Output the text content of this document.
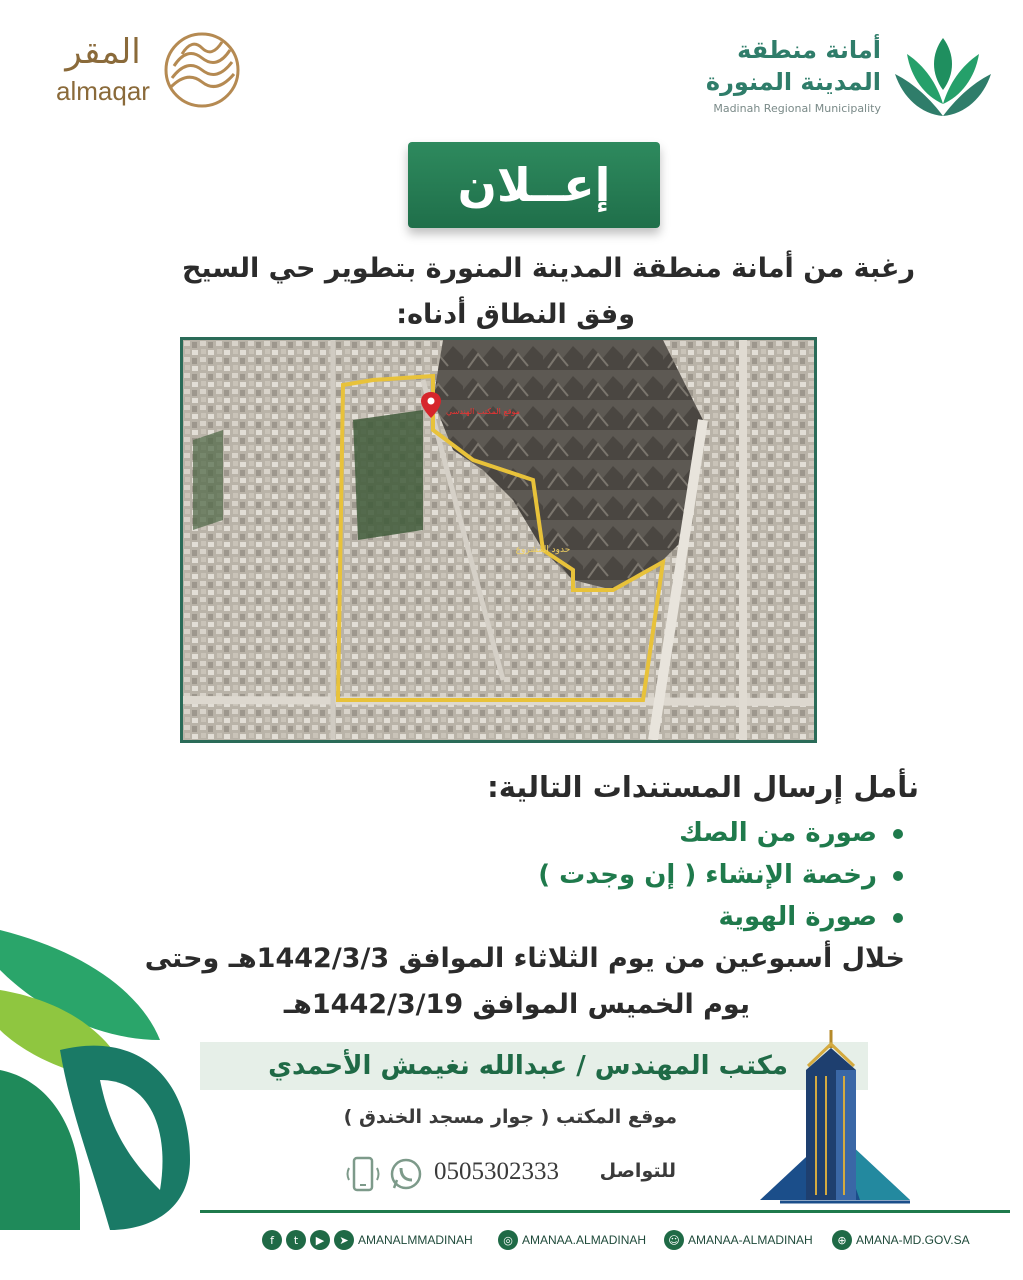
أمانة منطقة
المدينة المنورة
Madinah Regional Municipality
المقر
almaqar
إعــلان
رغبة من أمانة منطقة المدينة المنورة بتطوير حي السيح
وفق النطاق أدناه:
موقع المكتب الهندسي
حدود المشروع
نأمل إرسال المستندات التالية:
صورة من الصك
رخصة الإنشاء ( إن وجدت )
صورة الهوية
خلال أسبوعين من يوم الثلاثاء الموافق 1442/3/3هـ وحتى
يوم الخميس الموافق 1442/3/19هـ
مكتب المهندس / عبدالله نغيمش الأحمدي
موقع المكتب ( جوار مسجد الخندق )
0505302333 للتواصل
f	t	▶	➤ AMANALMMADINAH	◎ AMANAA.ALMADINAH	☺ AMANAA-ALMADINAH	⊕ AMANA-MD.GOV.SA
